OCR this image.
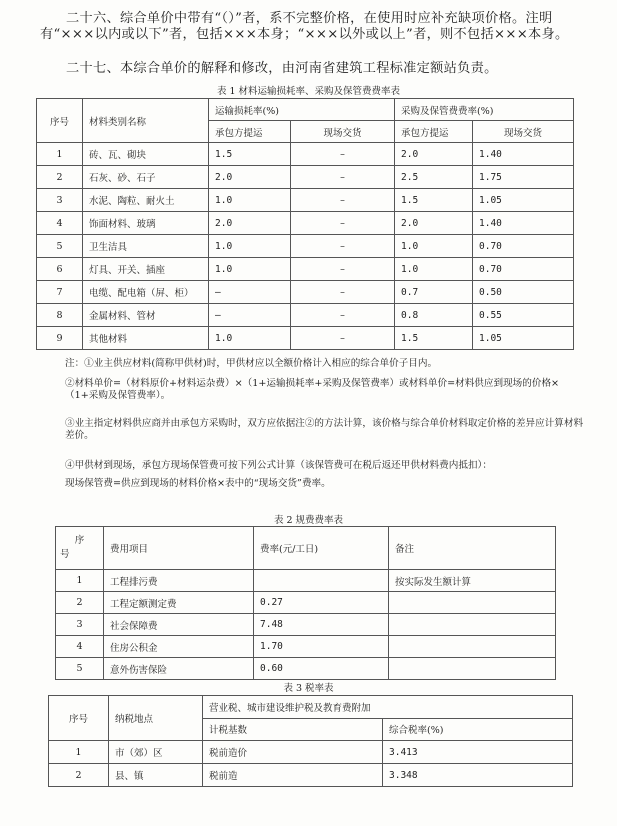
二十六、综合单价中带有“（）”者，系不完整价格，在使用时应补充缺项价格。注明有“×××以内或以下”者，包括×××本身；“×××以外或以上”者，则不包括×××本身。
二十七、本综合单价的解释和修改，由河南省建筑工程标准定额站负责。
表 1 材料运输损耗率、采购及保管费费率表
序号	材料类别名称	运输损耗率(%)		采购及保管费费率(%)	
		承包方提运	现场交货	承包方提运	现场交货
1	砖、瓦、砌块	1.5	–	2.0	1.40
2	石灰、砂、石子	2.0	–	2.5	1.75
3	水泥、陶粒、耐火土	1.0	–	1.5	1.05
4	饰面材料、玻璃	2.0	–	2.0	1.40
5	卫生洁具	1.0	–	1.0	0.70
6	灯具、开关、插座	1.0	–	1.0	0.70
7	电缆、配电箱（屏、柜）	–	–	0.7	0.50
8	金属材料、管材	–	–	0.8	0.55
9	其他材料	1.0	–	1.5	1.05
注：①业主供应材料(简称甲供材)时，甲供材应以全额价格计入相应的综合单价子目内。
②材料单价=（材料原价+材料运杂费）×（1+运输损耗率+采购及保管费率）或材料单价=材料供应到现场的价格×（1+采购及保管费率）。
③业主指定材料供应商并由承包方采购时，双方应依据注②的方法计算，该价格与综合单价材料取定价格的差异应计算材料差价。
④甲供材到现场，承包方现场保管费可按下列公式计算（该保管费可在税后返还甲供材料费内抵扣）：
现场保管费=供应到现场的材料价格×表中的“现场交货”费率。
表 2 规费费率表
序
号	费用项目	费率(元/工日)	备注
1	工程排污费		按实际发生额计算
2	工程定额测定费	0.27	
3	社会保障费	7.48	
4	住房公积金	1.70	
5	意外伤害保险	0.60	
表 3 税率表
序号	纳税地点	营业税、城市建设维护税及教育费附加	
		计税基数	综合税率(%)
1	市（郊）区	税前造价	3.413
2	县、镇	税前造	3.348
